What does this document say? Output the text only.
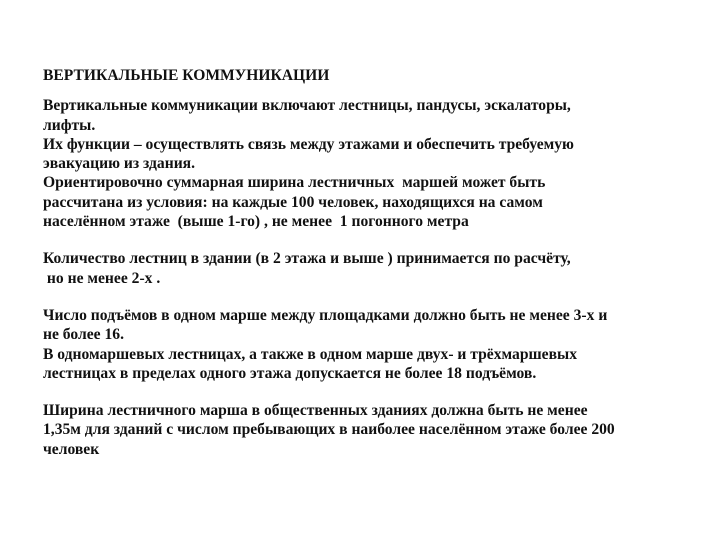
ВЕРТИКАЛЬНЫЕ КОММУНИКАЦИИ
Вертикальные коммуникации включают лестницы, пандусы, эскалаторы,
лифты.
Их функции – осуществлять связь между этажами и обеспечить требуемую
эвакуацию из здания.
Ориентировочно суммарная ширина лестничных  маршей может быть
рассчитана из условия: на каждые 100 человек, находящихся на самом
населённом этаже  (выше 1-го) , не менее  1 погонного метра
Количество лестниц в здании (в 2 этажа и выше ) принимается по расчёту,
но не менее 2-х .
Число подъёмов в одном марше между площадками должно быть не менее 3-х и
не более 16.
В одномаршевых лестницах, а также в одном марше двух- и трёхмаршевых
лестницах в пределах одного этажа допускается не более 18 подъёмов.
Ширина лестничного марша в общественных зданиях должна быть не менее
1,35м для зданий с числом пребывающих в наиболее населённом этаже более 200
человек
